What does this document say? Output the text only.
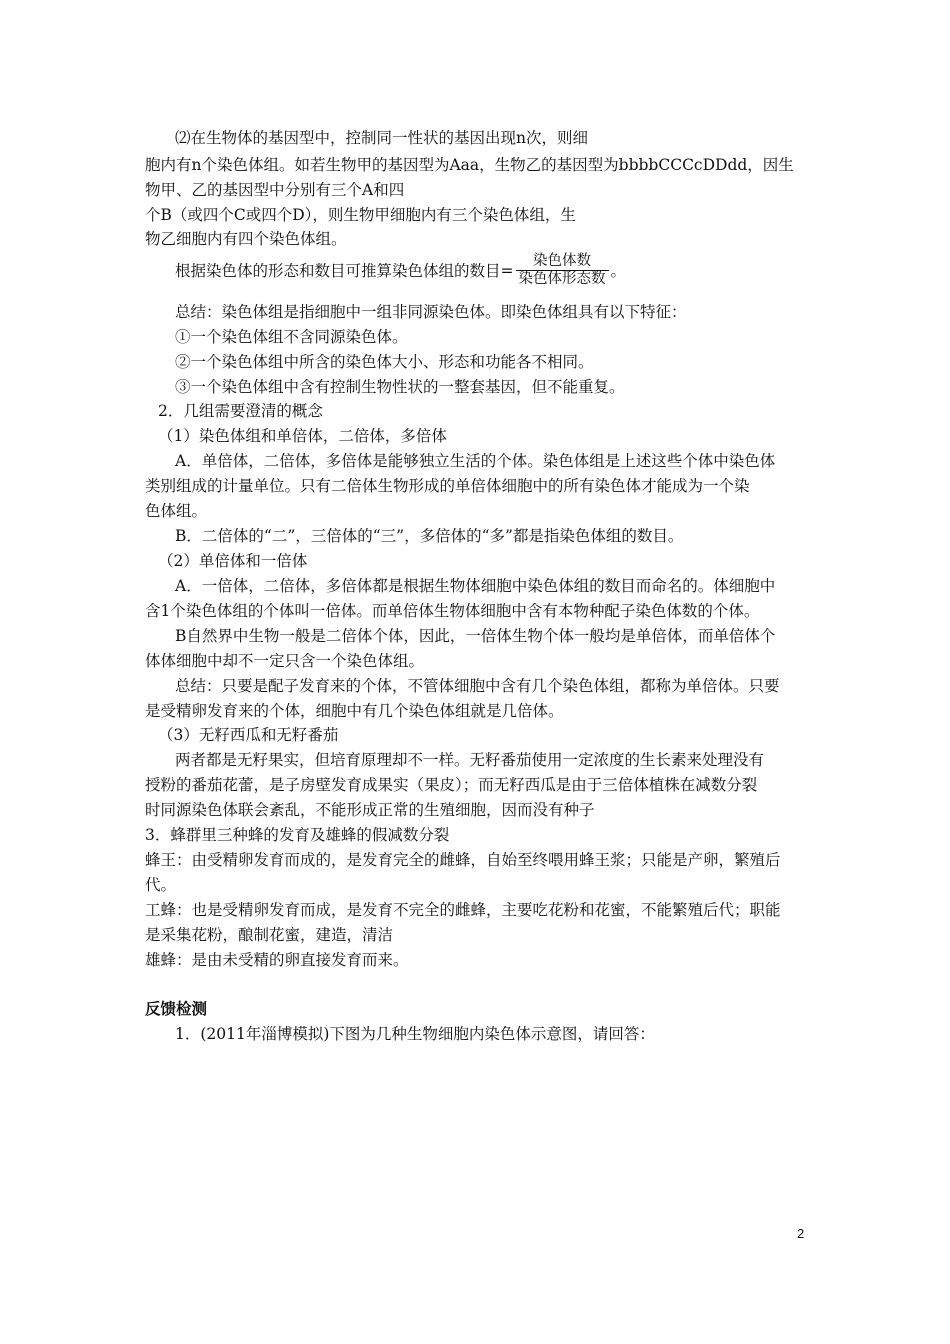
⑵在生物体的基因型中，控制同一性状的基因出现n次，则细
胞内有n个染色体组。如若生物甲的基因型为Aaa，生物乙的基因型为bbbbCCCcDDdd，因生
物甲、乙的基因型中分别有三个A和四
个B（或四个C或四个D），则生物甲细胞内有三个染色体组，生
物乙细胞内有四个染色体组。
根据染色体的形态和数目可推算染色体组的数目= $\frac{\text{染色体数}}{\text{染色体形态数}}$ 。
总结：染色体组是指细胞中一组非同源染色体。即染色体组具有以下特征：
①一个染色体组不含同源染色体。
②一个染色体组中所含的染色体大小、形态和功能各不相同。
③一个染色体组中含有控制生物性状的一整套基因，但不能重复。
2．几组需要澄清的概念
（1）染色体组和单倍体，二倍体，多倍体
A．单倍体，二倍体，多倍体是能够独立生活的个体。染色体组是上述这些个体中染色体
类别组成的计量单位。只有二倍体生物形成的单倍体细胞中的所有染色体才能成为一个染
色体组。
B．二倍体的“二”，三倍体的“三”，多倍体的“多”都是指染色体组的数目。
（2）单倍体和一倍体
A．一倍体，二倍体，多倍体都是根据生物体细胞中染色体组的数目而命名的。体细胞中
含1个染色体组的个体叫一倍体。而单倍体生物体细胞中含有本物种配子染色体数的个体。
B自然界中生物一般是二倍体个体，因此，一倍体生物个体一般均是单倍体，而单倍体个
体体细胞中却不一定只含一个染色体组。
总结：只要是配子发育来的个体，不管体细胞中含有几个染色体组，都称为单倍体。只要
是受精卵发育来的个体，细胞中有几个染色体组就是几倍体。
（3）无籽西瓜和无籽番茄
两者都是无籽果实，但培育原理却不一样。无籽番茄使用一定浓度的生长素来处理没有
授粉的番茄花蕾，是子房壁发育成果实（果皮）；而无籽西瓜是由于三倍体植株在减数分裂
时同源染色体联会紊乱，不能形成正常的生殖细胞，因而没有种子
3．蜂群里三种蜂的发育及雄蜂的假减数分裂
蜂王：由受精卵发育而成的，是发育完全的雌蜂，自始至终喂用蜂王浆；只能是产卵，繁殖后
代。
工蜂：也是受精卵发育而成，是发育不完全的雌蜂，主要吃花粉和花蜜，不能繁殖后代；职能
是采集花粉，酿制花蜜，建造，清洁
雄蜂：是由未受精的卵直接发育而来。
反馈检测
1．(2011年淄博模拟)下图为几种生物细胞内染色体示意图，请回答：
2
